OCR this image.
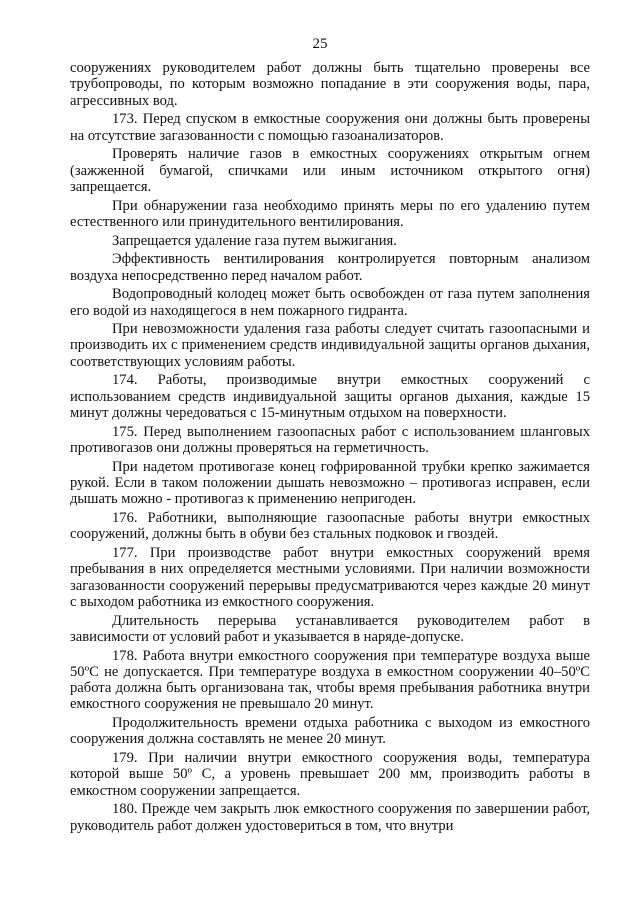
25

сооружениях руководителем работ должны быть тщательно проверены все трубопроводы, по которым возможно попадание в эти сооружения воды, пара, агрессивных вод.

173. Перед спуском в емкостные сооружения они должны быть проверены на отсутствие загазованности с помощью газоанализаторов.

Проверять наличие газов в емкостных сооружениях открытым огнем (зажженной бумагой, спичками или иным источником открытого огня) запрещается.

При обнаружении газа необходимо принять меры по его удалению путем естественного или принудительного вентилирования.

Запрещается удаление газа путем выжигания.

Эффективность вентилирования контролируется повторным анализом воздуха непосредственно перед началом работ.

Водопроводный колодец может быть освобожден от газа путем заполнения его водой из находящегося в нем пожарного гидранта.

При невозможности удаления газа работы следует считать газоопасными и производить их с применением средств индивидуальной защиты органов дыхания, соответствующих условиям работы.

174. Работы, производимые внутри емкостных сооружений с использованием средств индивидуальной защиты органов дыхания, каждые 15 минут должны чередоваться с 15-минутным отдыхом на поверхности.

175. Перед выполнением газоопасных работ с использованием шланговых противогазов они должны проверяться на герметичность.

При надетом противогазе конец гофрированной трубки крепко зажимается рукой. Если в таком положении дышать невозможно – противогаз исправен, если дышать можно - противогаз к применению непригоден.

176. Работники, выполняющие газоопасные работы внутри емкостных сооружений, должны быть в обуви без стальных подковок и гвоздей.

177. При производстве работ внутри емкостных сооружений время пребывания в них определяется местными условиями. При наличии возможности загазованности сооружений перерывы предусматриваются через каждые 20 минут с выходом работника из емкостного сооружения.

Длительность перерыва устанавливается руководителем работ в зависимости от условий работ и указывается в наряде-допуске.

178. Работа внутри емкостного сооружения при температуре воздуха выше 50ºС не допускается. При температуре воздуха в емкостном сооружении 40–50ºС работа должна быть организована так, чтобы время пребывания работника внутри емкостного сооружения не превышало 20 минут.

Продолжительность времени отдыха работника с выходом из емкостного сооружения должна составлять не менее 20 минут.

179. При наличии внутри емкостного сооружения воды, температура которой выше 50º С, а уровень превышает 200 мм, производить работы в емкостном сооружении запрещается.

180. Прежде чем закрыть люк емкостного сооружения по завершении работ, руководитель работ должен удостовериться в том, что внутри
